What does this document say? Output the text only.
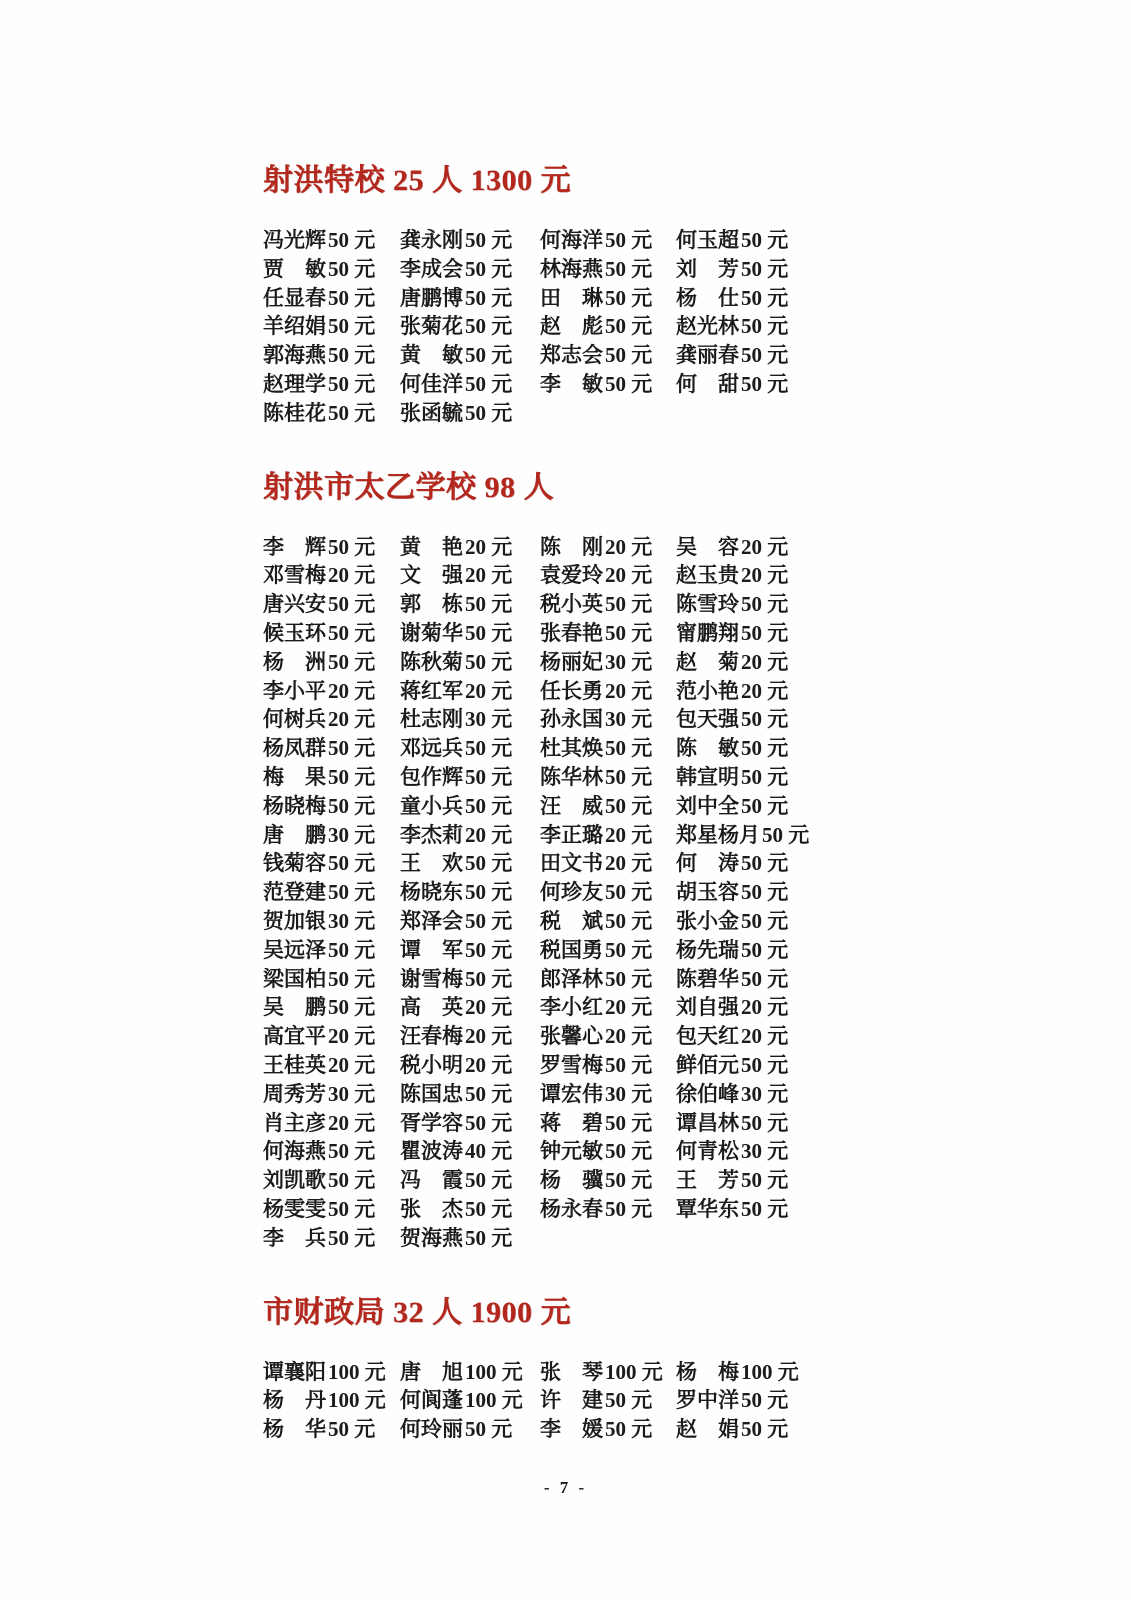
射洪特校 25 人 1300 元
冯光辉50 元	龚永刚50 元	何海洋50 元	何玉超50 元
贾　敏50 元	李成会50 元	林海燕50 元	刘　芳50 元
任显春50 元	唐鹏博50 元	田　琳50 元	杨　仕50 元
羊绍娟50 元	张菊花50 元	赵　彪50 元	赵光林50 元
郭海燕50 元	黄　敏50 元	郑志会50 元	龚丽春50 元
赵理学50 元	何佳洋50 元	李　敏50 元	何　甜50 元
陈桂花50 元	张函毓50 元
射洪市太乙学校 98 人
李　辉50 元	黄　艳20 元	陈　刚20 元	吴　容20 元
邓雪梅20 元	文　强20 元	袁爱玲20 元	赵玉贵20 元
唐兴安50 元	郭　栋50 元	税小英50 元	陈雪玲50 元
候玉环50 元	谢菊华50 元	张春艳50 元	甯鹏翔50 元
杨　洲50 元	陈秋菊50 元	杨丽妃30 元	赵　菊20 元
李小平20 元	蒋红军20 元	任长勇20 元	范小艳20 元
何树兵20 元	杜志刚30 元	孙永国30 元	包天强50 元
杨凤群50 元	邓远兵50 元	杜其焕50 元	陈　敏50 元
梅　果50 元	包作辉50 元	陈华林50 元	韩宣明50 元
杨晓梅50 元	童小兵50 元	汪　威50 元	刘中全50 元
唐　鹏30 元	李杰莉20 元	李正璐20 元	郑星杨月50 元
钱菊容50 元	王　欢50 元	田文书20 元	何　涛50 元
范登建50 元	杨晓东50 元	何珍友50 元	胡玉容50 元
贺加银30 元	郑泽会50 元	税　斌50 元	张小金50 元
吴远泽50 元	谭　军50 元	税国勇50 元	杨先瑞50 元
梁国柏50 元	谢雪梅50 元	郎泽林50 元	陈碧华50 元
吴　鹏50 元	高　英20 元	李小红20 元	刘自强20 元
高宜平20 元	汪春梅20 元	张馨心20 元	包天红20 元
王桂英20 元	税小明20 元	罗雪梅50 元	鲜佰元50 元
周秀芳30 元	陈国忠50 元	谭宏伟30 元	徐伯峰30 元
肖主彦20 元	胥学容50 元	蒋　碧50 元	谭昌林50 元
何海燕50 元	瞿波涛40 元	钟元敏50 元	何青松30 元
刘凯歌50 元	冯　霞50 元	杨　骥50 元	王　芳50 元
杨雯雯50 元	张　杰50 元	杨永春50 元	覃华东50 元
李　兵50 元	贺海燕50 元
市财政局 32 人 1900 元
谭襄阳100 元 唐　旭100 元 张　琴100 元 杨　梅100 元
杨　丹100 元 何阆蓬100 元 许　建50 元	罗中洋50 元
杨　华50 元	何玲丽50 元	李　媛50 元	赵　娟50 元
- 7 -
